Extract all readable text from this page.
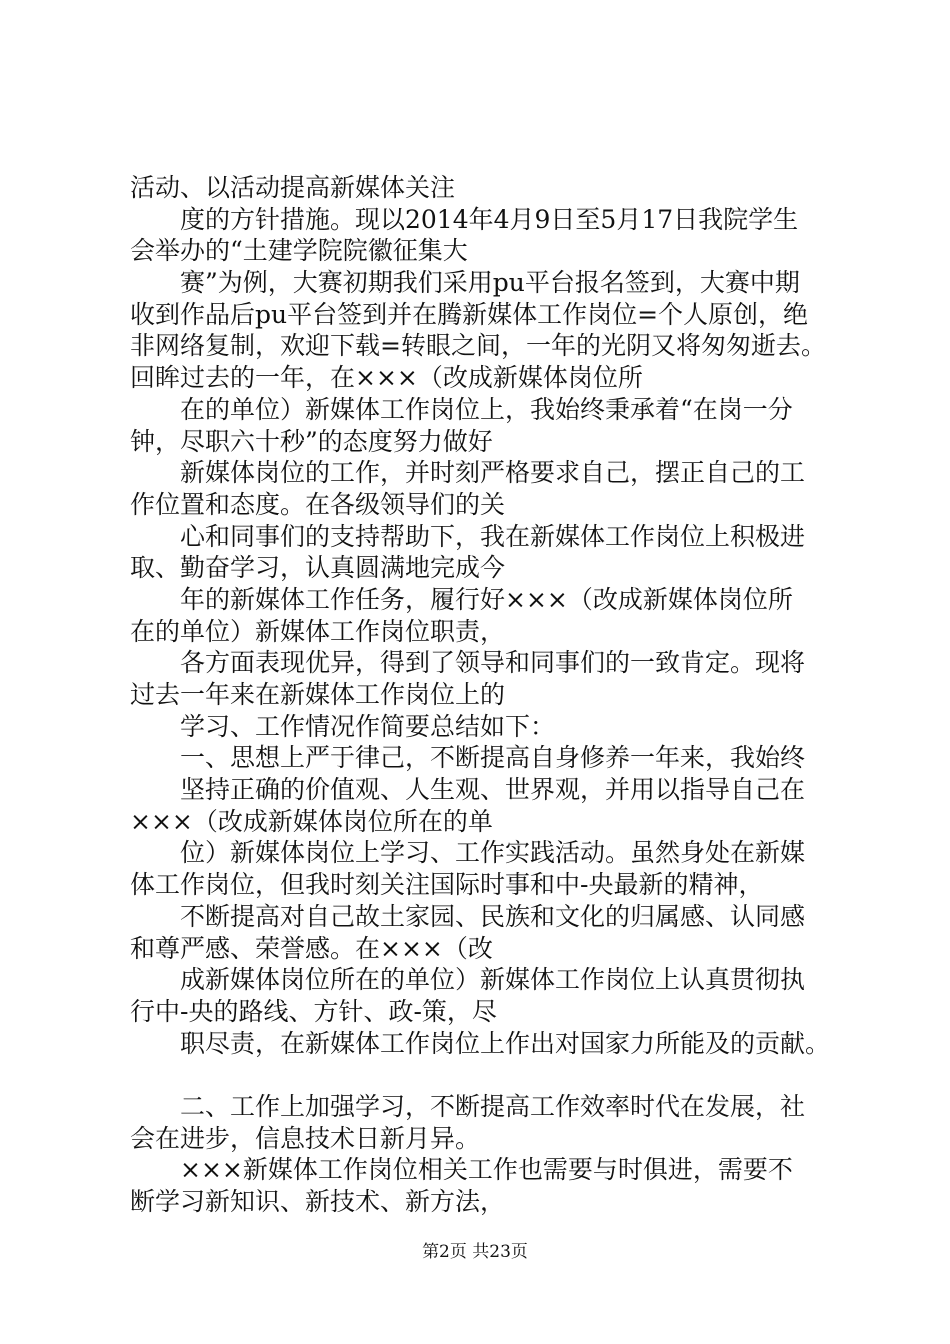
活动、以活动提高新媒体关注
度的方针措施。现以2014年4月9日至5月17日我院学生
会举办的“土建学院院徽征集大
赛”为例，大赛初期我们采用pu平台报名签到，大赛中期
收到作品后pu平台签到并在腾新媒体工作岗位=个人原创，绝
非网络复制，欢迎下载=转眼之间，一年的光阴又将匆匆逝去。
回眸过去的一年，在×××（改成新媒体岗位所
在的单位）新媒体工作岗位上，我始终秉承着“在岗一分
钟，尽职六十秒”的态度努力做好
新媒体岗位的工作，并时刻严格要求自己，摆正自己的工
作位置和态度。在各级领导们的关
心和同事们的支持帮助下，我在新媒体工作岗位上积极进
取、勤奋学习，认真圆满地完成今
年的新媒体工作任务，履行好×××（改成新媒体岗位所
在的单位）新媒体工作岗位职责，
各方面表现优异，得到了领导和同事们的一致肯定。现将
过去一年来在新媒体工作岗位上的
学习、工作情况作简要总结如下：
一、思想上严于律己，不断提高自身修养一年来，我始终
坚持正确的价值观、人生观、世界观，并用以指导自己在
×××（改成新媒体岗位所在的单
位）新媒体岗位上学习、工作实践活动。虽然身处在新媒
体工作岗位，但我时刻关注国际时事和中-央最新的精神，
不断提高对自己故土家园、民族和文化的归属感、认同感
和尊严感、荣誉感。在×××（改
成新媒体岗位所在的单位）新媒体工作岗位上认真贯彻执
行中-央的路线、方针、政-策，尽
职尽责，在新媒体工作岗位上作出对国家力所能及的贡献。
二、工作上加强学习，不断提高工作效率时代在发展，社
会在进步，信息技术日新月异。
×××新媒体工作岗位相关工作也需要与时俱进，需要不
断学习新知识、新技术、新方法，
第2页 共23页
